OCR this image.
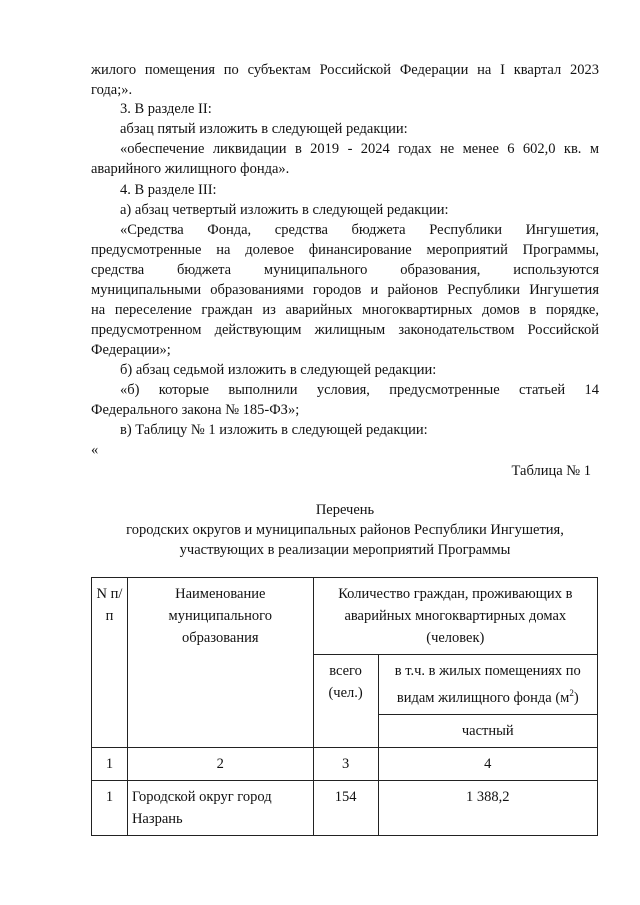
жилого помещения по субъектам Российской Федерации на I квартал 2023
года;».
3. В разделе II:
абзац пятый изложить в следующей редакции:
«обеспечение ликвидации в 2019 - 2024 годах не менее 6 602,0 кв. м
аварийного жилищного фонда».
4. В разделе III:
а) абзац четвертый изложить в следующей редакции:
«Средства Фонда, средства бюджета Республики Ингушетия,
предусмотренные на долевое финансирование мероприятий Программы,
средства бюджета муниципального образования, используются
муниципальными образованиями городов и районов Республики Ингушетия
на переселение граждан из аварийных многоквартирных домов в порядке,
предусмотренном действующим жилищным законодательством Российской
Федерации»;
б) абзац седьмой изложить в следующей редакции:
«б) которые выполнили условия, предусмотренные статьей 14
Федерального закона № 185-ФЗ»;
в) Таблицу № 1 изложить в следующей редакции:
«
Таблица № 1
Перечень
городских округов и муниципальных районов Республики Ингушетия,
участвующих в реализации мероприятий Программы
N п/п	Наименование муниципального образования	Количество граждан, проживающих в аварийных многоквартирных домах (человек)	
		всего (чел.)	в т.ч. в жилых помещениях по видам жилищного фонда $(м^2)$
			частный
1	2	3	4
1	Городской округ город Назрань	154	1 388,2
